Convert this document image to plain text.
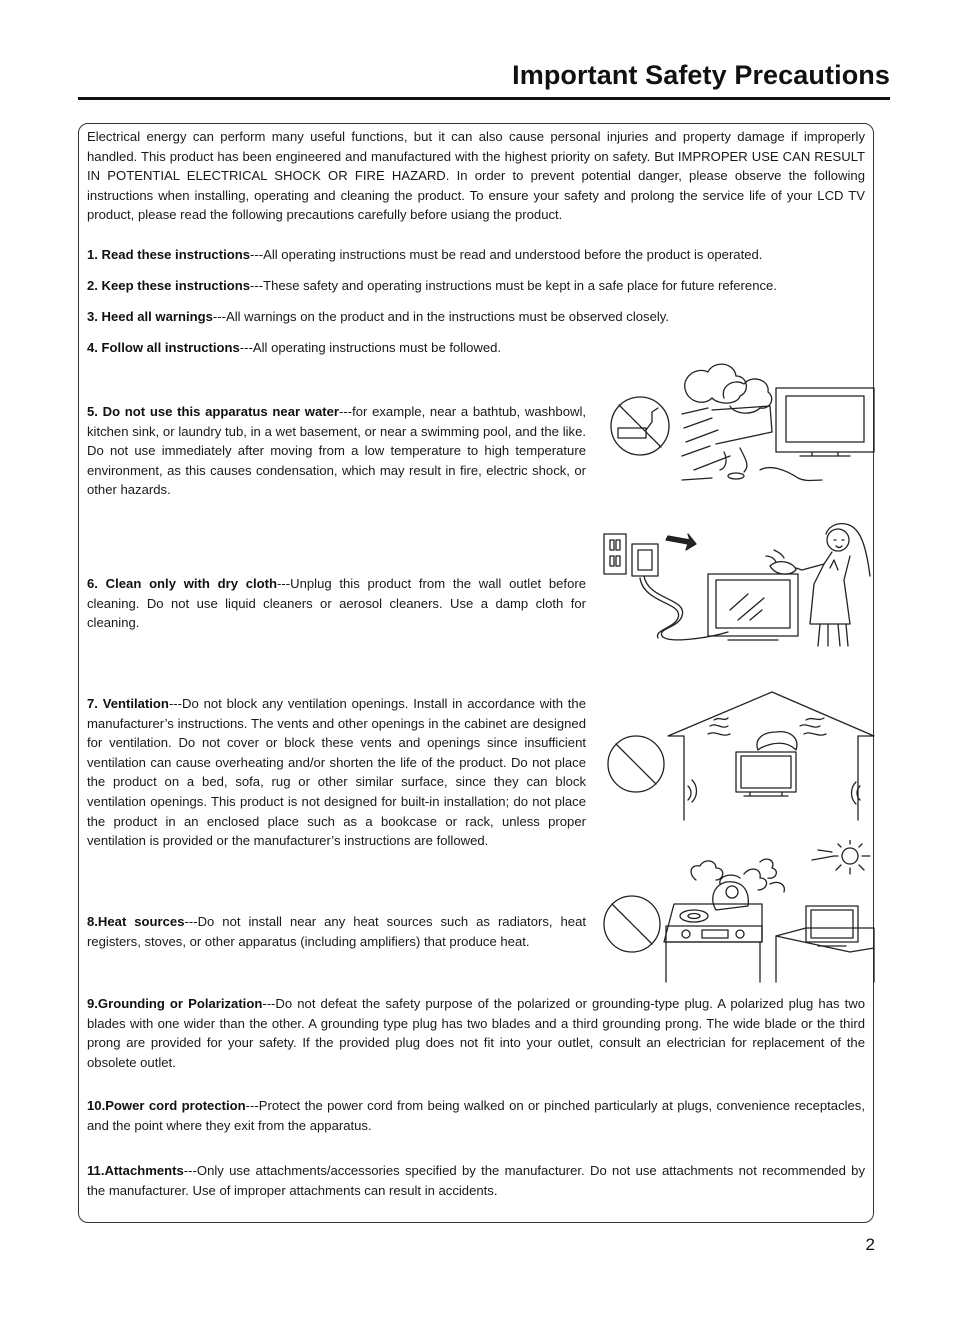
Important Safety Precautions

Electrical energy can perform many useful functions, but it can also cause personal injuries and property damage if improperly handled. This product has been engineered and manufactured with the highest priority on safety. But IMPROPER USE CAN RESULT IN POTENTIAL ELECTRICAL SHOCK OR FIRE HAZARD. In order to prevent potential danger, please observe the following instructions when installing, operating and cleaning the product. To ensure your safety and prolong the service life of your LCD TV product, please read the following precautions carefully before usiang the product.

1. Read these instructions---All operating instructions must be read and understood before the product is operated.

2. Keep these instructions---These safety and operating instructions must be kept in a safe place for future reference.

3. Heed all warnings---All warnings on the product and in the instructions must be observed closely.

4. Follow all instructions---All operating instructions must be followed.

5. Do not use this apparatus near water---for example, near a bathtub, washbowl, kitchen sink, or laundry tub, in a wet basement, or near a swimming pool, and the like. Do not use immediately after moving from a low temperature to high temperature environment, as this causes condensation, which may result in fire, electric shock, or other hazards.

6. Clean only with dry cloth---Unplug this product from the wall outlet before cleaning. Do not use liquid cleaners or aerosol cleaners. Use a damp cloth for cleaning.

7. Ventilation---Do not block any ventilation openings. Install in accordance with the manufacturer’s instructions. The vents and other openings in the cabinet are designed for ventilation. Do not cover or block these vents and openings since insufficient ventilation can cause overheating and/or shorten the life of the product. Do not place the product on a bed, sofa, rug or other similar surface, since they can block ventilation openings. This product is not designed for built-in installation; do not place the product in an enclosed place such as a bookcase or rack, unless proper ventilation is provided or the manufacturer’s instructions are followed.

8.Heat sources---Do not install near any heat sources such as radiators, heat registers, stoves, or other apparatus (including amplifiers) that produce heat.

9.Grounding or Polarization---Do not defeat the safety purpose of the polarized or grounding-type plug. A polarized plug has two blades with one wider than the other. A grounding type plug has two blades and a third grounding prong. The wide blade or the third prong are provided for your safety. If the provided plug does not fit into your outlet, consult an electrician for replacement of the obsolete outlet.

10.Power cord protection---Protect the power cord from being walked on or pinched particularly at plugs, convenience receptacles, and the point where they exit from the apparatus.

11.Attachments---Only use attachments/accessories specified by the manufacturer. Do not use attachments not recommended by the manufacturer. Use of improper attachments can result in accidents.

2
